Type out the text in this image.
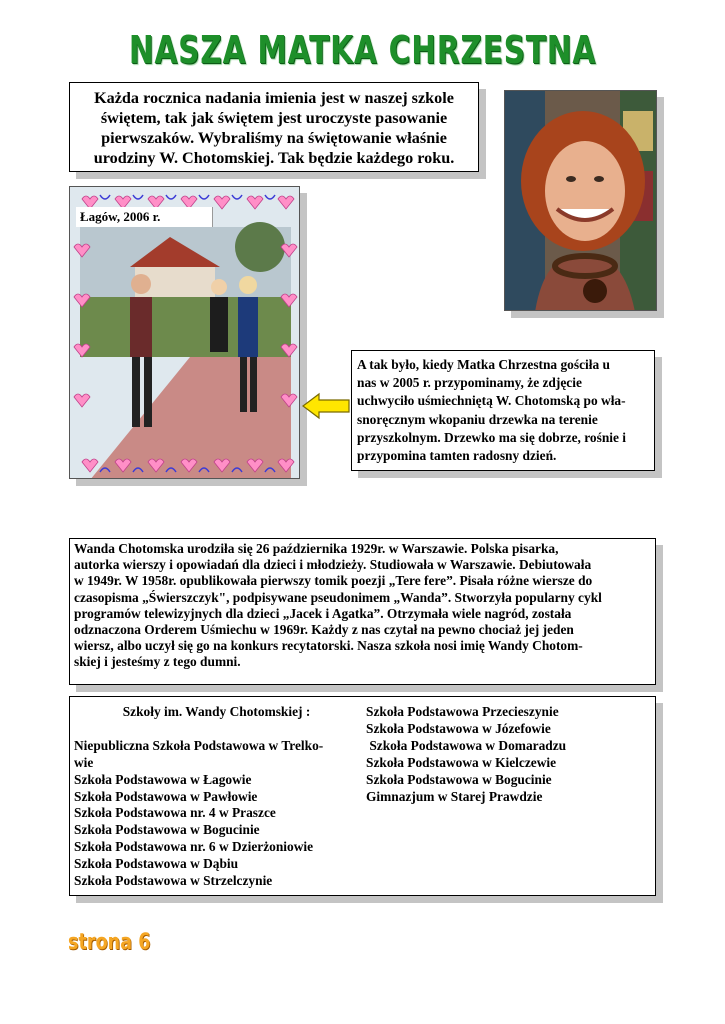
NASZA MATKA CHRZESTNA
Każda rocznica nadania imienia jest w naszej szkole
świętem, tak jak świętem jest uroczyste pasowanie
pierwszaków. Wybraliśmy na świętowanie właśnie
urodziny W. Chotomskiej. Tak będzie każdego roku.
Łagów, 2006 r.
A tak było, kiedy Matka Chrzestna gościła u
nas w 2005 r. przypominamy, że zdjęcie
uchwyciło uśmiechniętą W. Chotomską po wła-
snoręcznym wkopaniu drzewka na terenie
przyszkolnym. Drzewko ma się dobrze, rośnie i
przypomina tamten radosny dzień.
Wanda Chotomska urodziła się 26 października 1929r. w Warszawie. Polska pisarka,
autorka wierszy i opowiadań dla dzieci i młodzieży. Studiowała w Warszawie. Debiutowała
w 1949r. W 1958r. opublikowała pierwszy tomik poezji „Tere fere”. Pisała różne wiersze do
czasopisma „Świerszczyk", podpisywane pseudonimem „Wanda”. Stworzyła popularny cykl
programów telewizyjnych dla dzieci „Jacek i Agatka”. Otrzymała wiele nagród, została
odznaczona Orderem Uśmiechu w 1969r. Każdy z nas czytał na pewno chociaż jej jeden
wiersz, albo uczył się go na konkurs recytatorski. Nasza szkoła nosi imię Wandy Chotom-
skiej i jesteśmy z tego dumni.
Szkoły im. Wandy Chotomskiej :

Niepubliczna Szkoła Podstawowa w Trelko-
wie
Szkoła Podstawowa w Łagowie
Szkoła Podstawowa w Pawłowie
Szkoła Podstawowa nr. 4 w Praszce
Szkoła Podstawowa w Bogucinie
Szkoła Podstawowa nr. 6 w Dzierżoniowie
Szkoła Podstawowa w Dąbiu
Szkoła Podstawowa w Strzelczynie
Szkoła Podstawowa Przecieszynie
Szkoła Podstawowa w Józefowie
Szkoła Podstawowa w Domaradzu
Szkoła Podstawowa w Kielczewie
Szkoła Podstawowa w Bogucinie
Gimnazjum w Starej Prawdzie
strona 6
